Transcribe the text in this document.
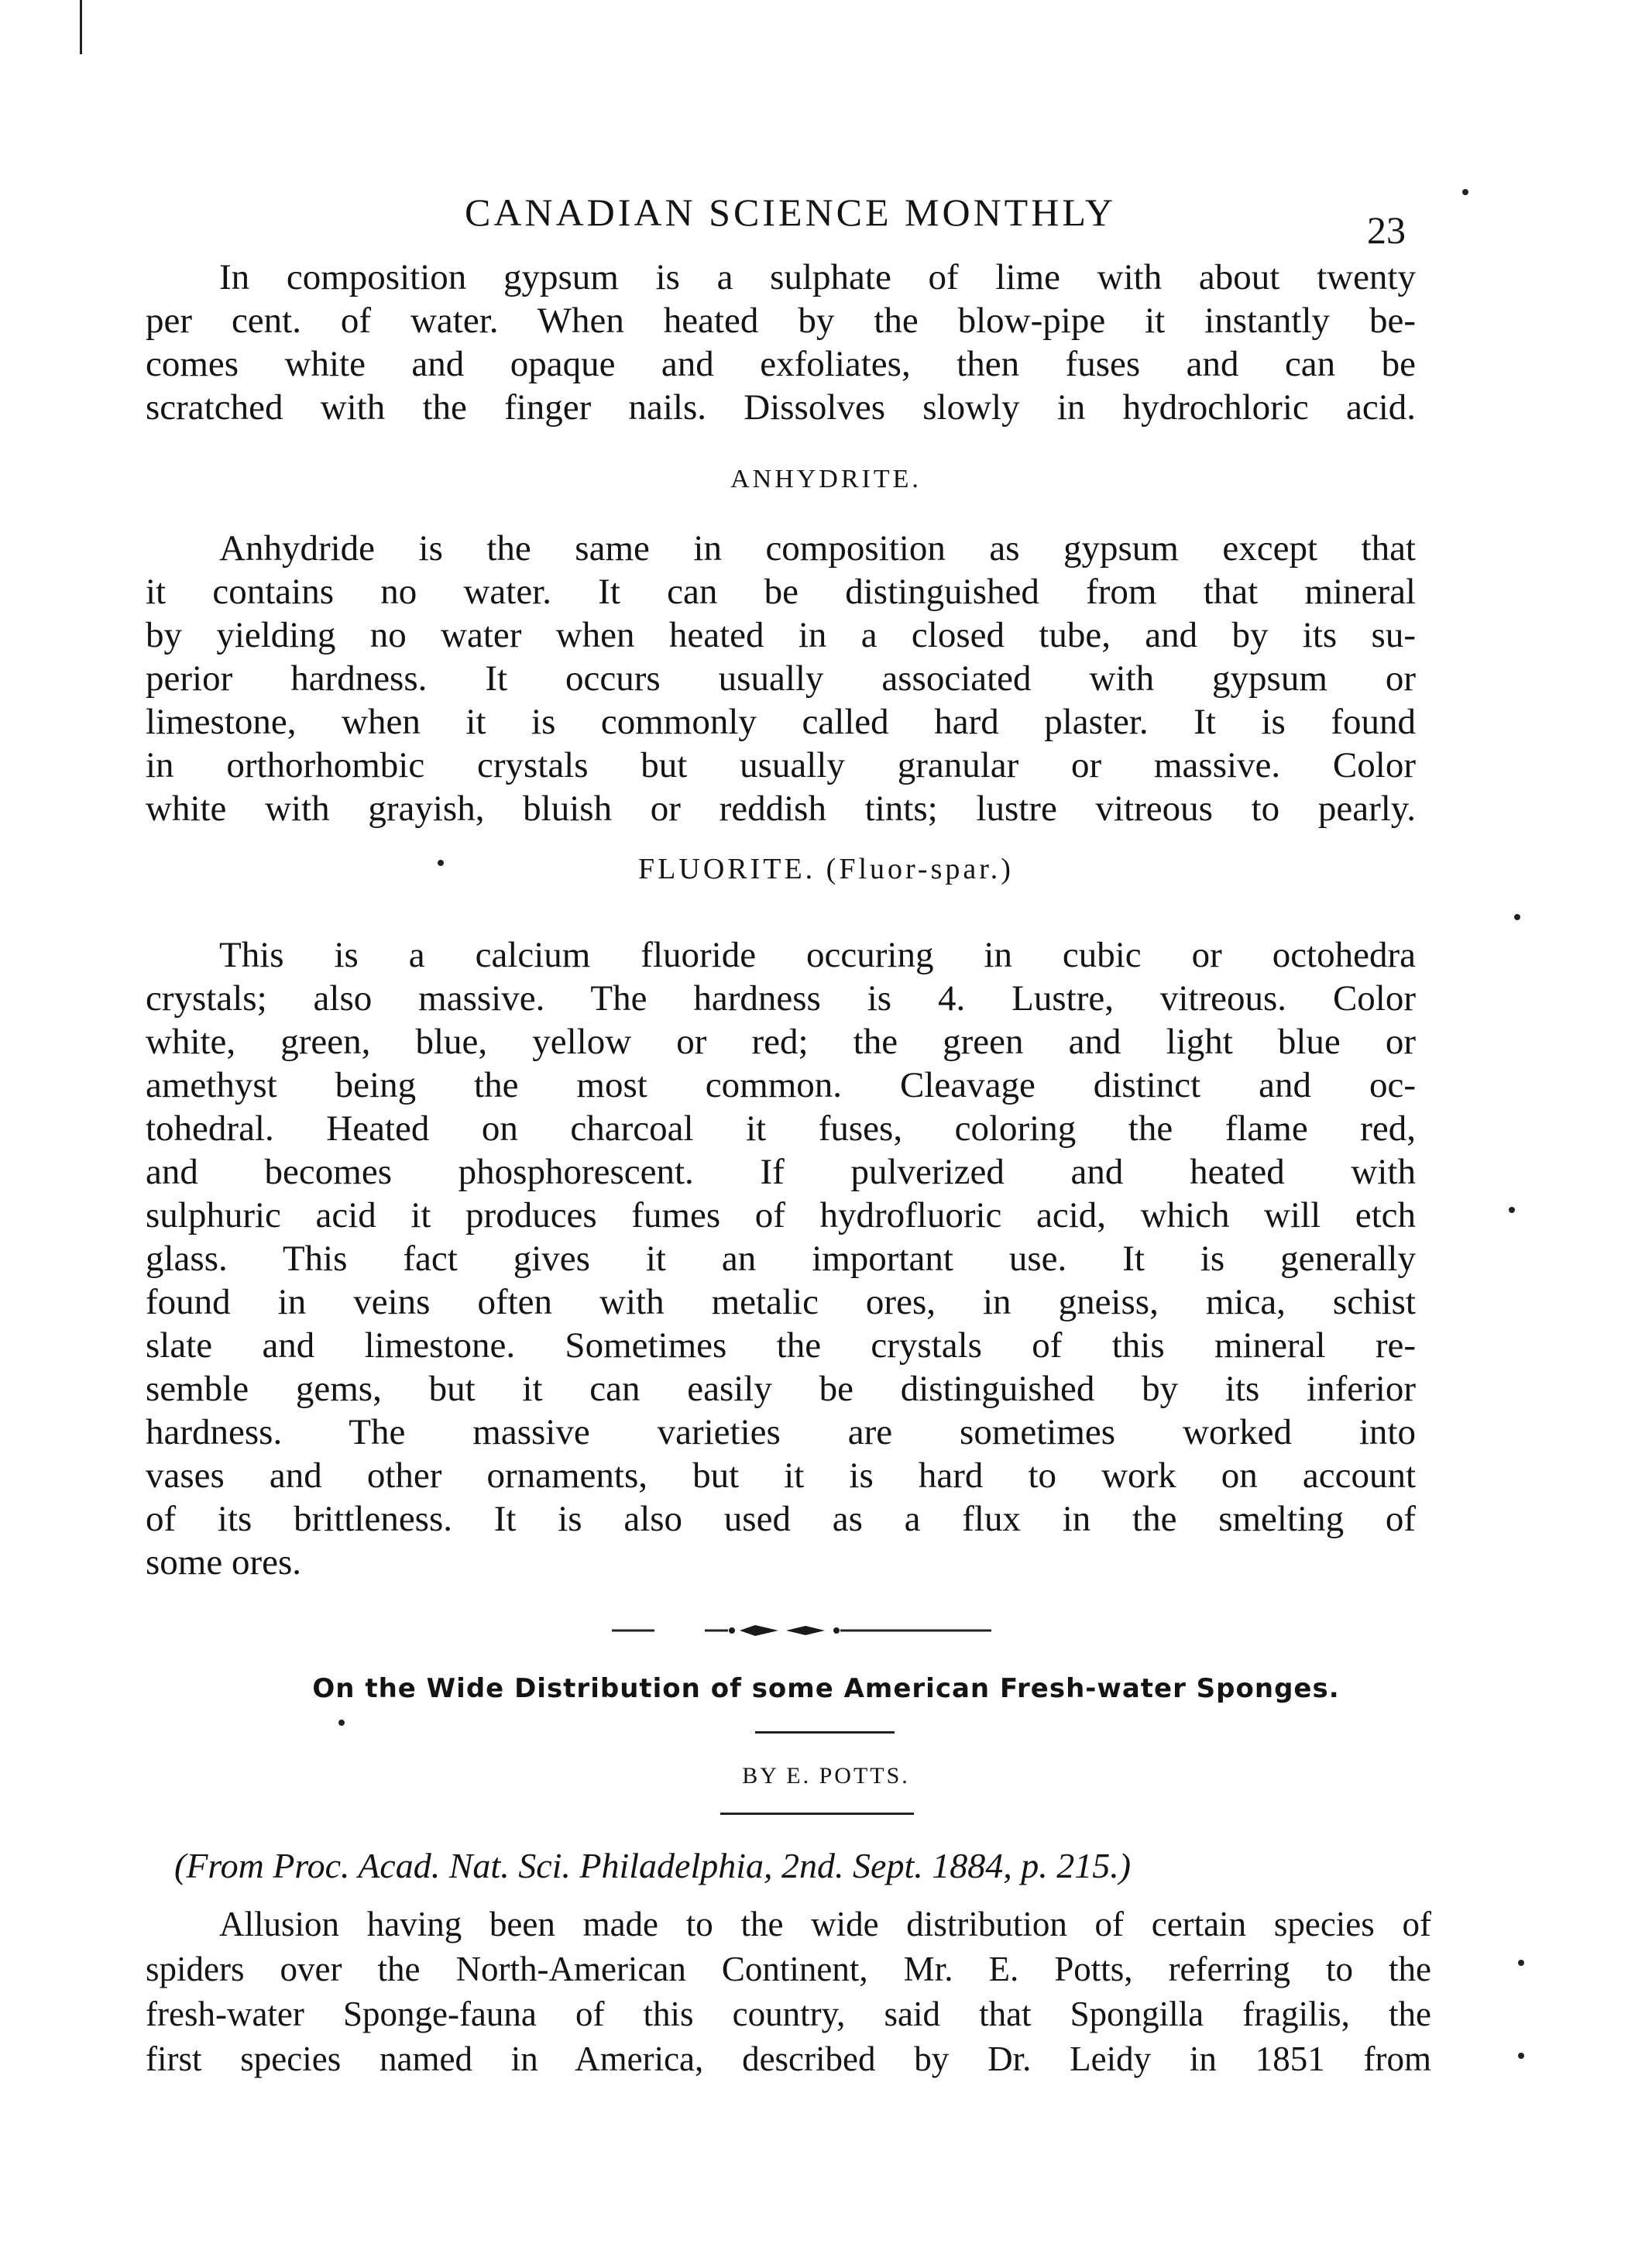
CANADIAN SCIENCE MONTHLY	23
In composition gypsum is a sulphate of lime with about twenty
per cent. of water. When heated by the blow-pipe it instantly be-
comes white and opaque and exfoliates, then fuses and can be
scratched with the finger nails. Dissolves slowly in hydrochloric acid.
ANHYDRITE.
Anhydride is the same in composition as gypsum except that
it contains no water. It can be distinguished from that mineral
by yielding no water when heated in a closed tube, and by its su-
perior hardness. It occurs usually associated with gypsum or
limestone, when it is commonly called hard plaster. It is found
in orthorhombic crystals but usually granular or massive. Color
white with grayish, bluish or reddish tints; lustre vitreous to pearly.
FLUORITE. (Fluor-spar.)
This is a calcium fluoride occuring in cubic or octohedra
crystals; also massive. The hardness is 4. Lustre, vitreous. Color
white, green, blue, yellow or red; the green and light blue or
amethyst being the most common. Cleavage distinct and oc-
tohedral. Heated on charcoal it fuses, coloring the flame red,
and becomes phosphorescent. If pulverized and heated with
sulphuric acid it produces fumes of hydrofluoric acid, which will etch
glass. This fact gives it an important use. It is generally
found in veins often with metalic ores, in gneiss, mica, schist
slate and limestone. Sometimes the crystals of this mineral re-
semble gems, but it can easily be distinguished by its inferior
hardness. The massive varieties are sometimes worked into
vases and other ornaments, but it is hard to work on account
of its brittleness. It is also used as a flux in the smelting of
some ores.
On the Wide Distribution of some American Fresh-water Sponges.
BY E. POTTS.
(From Proc. Acad. Nat. Sci. Philadelphia, 2nd. Sept. 1884, p. 215.)
Allusion having been made to the wide distribution of certain species of
spiders over the North-American Continent, Mr. E. Potts, referring to the
fresh-water Sponge-fauna of this country, said that Spongilla fragilis, the
first species named in America, described by Dr. Leidy in 1851 from
